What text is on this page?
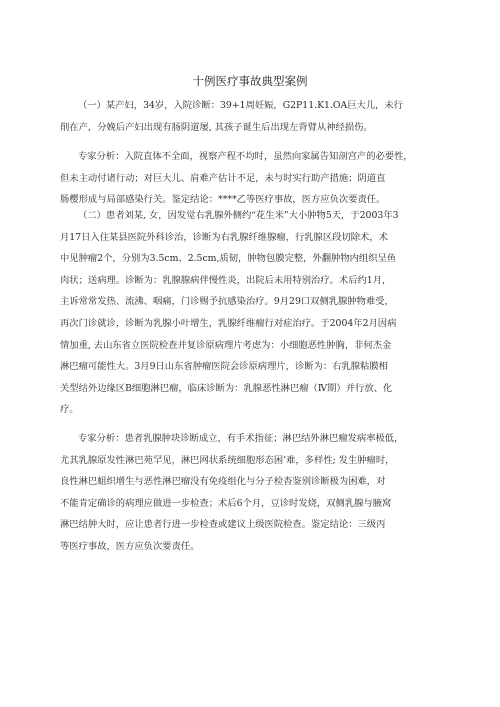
十例医疗事故典型案例
（一）某产妇，34岁，入院诊断：39+1周妊娠，G2P11.K1.OA巨大儿，未行
削在产，分娩后产妇出现有肠阴道屡, 其孩子诞生后出现左背臂从神经损伤。
专家分析：入院直体不全面，视察产程不均时，虽然向家属告知剖宫产的必要性，
但未主动付诸行动；对巨大儿、肩难产估计不足，未与时实行助产措施；阴道直
肠樱形成与局部感染行关。鉴定结论：****乙等医疗事故，医方应负次要责任。
（二）患者刘某, 女，因发觉右乳腺外侧约“花生米”大小肿物5天，于2003年3
月17日入住某县医院外科诊治，诊断为右乳腺纤维腺瘤，行乳腺区段切除术，术
中见肿瘤2个，分别为3.5cm、2.5cm,质韧，肿物包膜完整，外翻肿物内组织呈鱼
肉状；送病理。诊断为：乳腺腺病伴慢性炎，出院后未用特别治疗。术后约1月，
主诉常常发热、流沸、咽痛，门诊赐予抗感染治疗。9月29口双侧乳腺肿物难受，
再次门诊就诊，诊断为乳腺小叶增生，乳腺纤维瘤行对症治疗。于2004年2月因病
情加重, 去山东省立医院检查并复诊原病理片考虑为：小细胞恶性肿胸，非何杰金
淋巴瘤可能性大。3月9日山东省肿瘤医院会诊原病理片，诊断为：右乳腺粘膜相
关型结外边缘区B细胞淋巴瘤，临床诊断为：乳腺恶性淋巴瘤（Ⅳ期）并行放、化
疗。
专家分析：患者乳腺肿块诊断成立，有手术指征；淋巴结外淋巴瘤发病率极低，
尤其乳腺原发性淋巴苑罕见，淋巴网状系统细胞形态困’难，多样性; 发生肿瘤时，
良性淋巴蛆织增生与恶性淋巴瘤没有免疫组化与分子检杳鉴别诊断极为困难，对
不能肯定确诊的病理应做进一步检查；术后6个月，豆诊时发烧，双侧乳腺与腋窝
淋巴结肿大时，应让患者行进一步检查或建议上级医院检查。鉴定结论：三级丙
等医疗事故，医方应负次要责任。
